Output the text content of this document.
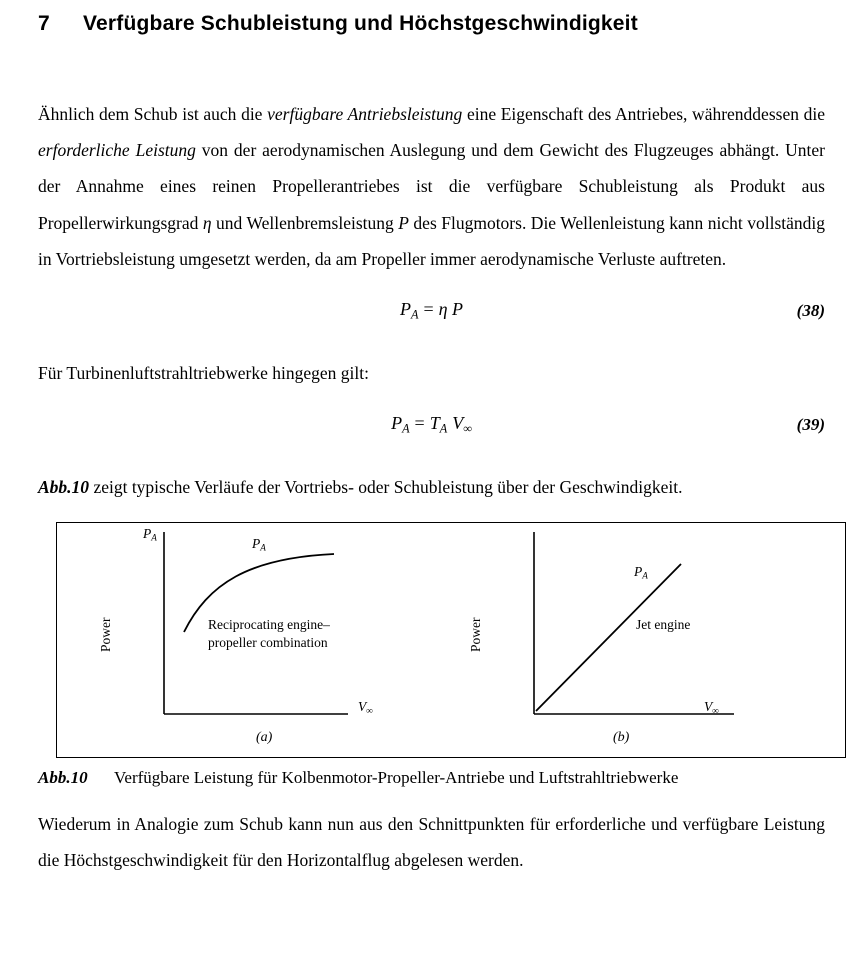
7	Verfügbare Schubleistung und Höchstgeschwindigkeit

Ähnlich dem Schub ist auch die verfügbare Antriebsleistung eine Eigenschaft des Antriebes, währenddessen die erforderliche Leistung von der aerodynamischen Auslegung und dem Gewicht des Flugzeuges abhängt. Unter der Annahme eines reinen Propellerantriebes ist die verfügbare Schubleistung als Produkt aus Propellerwirkungsgrad η und Wellenbremsleistung P des Flugmotors. Die Wellenleistung kann nicht vollständig in Vortriebsleistung umgesetzt werden, da am Propeller immer aerodynamische Verluste auftreten.

$P_A = \eta$ P	(38)

Für Turbinenluftstrahltriebwerke hingegen gilt:

$P_A = T_A$ $V_\infty$	(39)

Abb.10 zeigt typische Verläufe der Vortriebs- oder Schubleistung über der Geschwindigkeit.

Power
$P_A$	$P_A$
Reciprocating engine–
propeller combination
$V_\infty$
(a)
Power
$P_A$
Jet engine
$V_\infty$
(b)
Abb.10	Verfügbare Leistung für Kolbenmotor-Propeller-Antriebe und Luftstrahltriebwerke

Wiederum in Analogie zum Schub kann nun aus den Schnittpunkten für erforderliche und verfügbare Leistung die Höchstgeschwindigkeit für den Horizontalflug abgelesen werden.
